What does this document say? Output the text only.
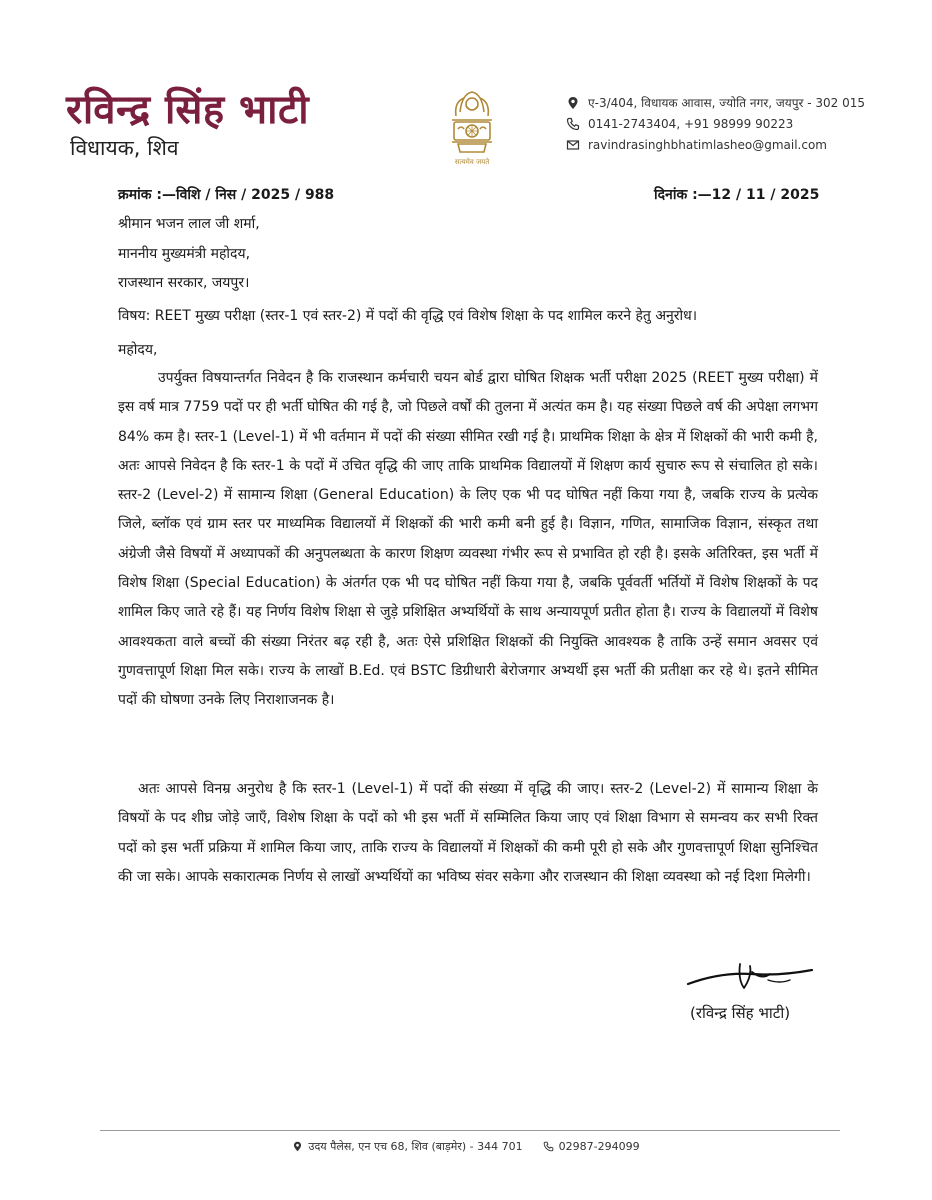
रविन्द्र सिंह भाटी
विधायक, शिव
सत्यमेव जयते
ए-3/404, विधायक आवास, ज्योति नगर, जयपुर - 302 015
0141-2743404, +91 98999 90223
ravindrasinghbhatimlasheo@gmail.com
क्रमांक :—विशि / निस / 2025 / 988	दिनांक :—12 / 11 / 2025
श्रीमान भजन लाल जी शर्मा,
माननीय मुख्यमंत्री महोदय,
राजस्थान सरकार, जयपुर।
विषय: REET मुख्य परीक्षा (स्तर-1 एवं स्तर-2) में पदों की वृद्धि एवं विशेष शिक्षा के पद शामिल करने हेतु अनुरोध।
महोदय,

उपर्युक्त विषयान्तर्गत निवेदन है कि राजस्थान कर्मचारी चयन बोर्ड द्वारा घोषित शिक्षक भर्ती परीक्षा 2025 (REET मुख्य परीक्षा) में इस वर्ष मात्र 7759 पदों पर ही भर्ती घोषित की गई है, जो पिछले वर्षों की तुलना में अत्यंत कम है। यह संख्या पिछले वर्ष की अपेक्षा लगभग 84% कम है। स्तर-1 (Level-1) में भी वर्तमान में पदों की संख्या सीमित रखी गई है। प्राथमिक शिक्षा के क्षेत्र में शिक्षकों की भारी कमी है, अतः आपसे निवेदन है कि स्तर-1 के पदों में उचित वृद्धि की जाए ताकि प्राथमिक विद्यालयों में शिक्षण कार्य सुचारु रूप से संचालित हो सके। स्तर-2 (Level-2) में सामान्य शिक्षा (General Education) के लिए एक भी पद घोषित नहीं किया गया है, जबकि राज्य के प्रत्येक जिले, ब्लॉक एवं ग्राम स्तर पर माध्यमिक विद्यालयों में शिक्षकों की भारी कमी बनी हुई है। विज्ञान, गणित, सामाजिक विज्ञान, संस्कृत तथा अंग्रेजी जैसे विषयों में अध्यापकों की अनुपलब्धता के कारण शिक्षण व्यवस्था गंभीर रूप से प्रभावित हो रही है। इसके अतिरिक्त, इस भर्ती में विशेष शिक्षा (Special Education) के अंतर्गत एक भी पद घोषित नहीं किया गया है, जबकि पूर्ववर्ती भर्तियों में विशेष शिक्षकों के पद शामिल किए जाते रहे हैं। यह निर्णय विशेष शिक्षा से जुड़े प्रशिक्षित अभ्यर्थियों के साथ अन्यायपूर्ण प्रतीत होता है। राज्य के विद्यालयों में विशेष आवश्यकता वाले बच्चों की संख्या निरंतर बढ़ रही है, अतः ऐसे प्रशिक्षित शिक्षकों की नियुक्ति आवश्यक है ताकि उन्हें समान अवसर एवं गुणवत्तापूर्ण शिक्षा मिल सके। राज्य के लाखों B.Ed. एवं BSTC डिग्रीधारी बेरोजगार अभ्यर्थी इस भर्ती की प्रतीक्षा कर रहे थे। इतने सीमित पदों की घोषणा उनके लिए निराशाजनक है।

अतः आपसे विनम्र अनुरोध है कि स्तर-1 (Level-1) में पदों की संख्या में वृद्धि की जाए। स्तर-2 (Level-2) में सामान्य शिक्षा के विषयों के पद शीघ्र जोड़े जाएँ, विशेष शिक्षा के पदों को भी इस भर्ती में सम्मिलित किया जाए एवं शिक्षा विभाग से समन्वय कर सभी रिक्त पदों को इस भर्ती प्रक्रिया में शामिल किया जाए, ताकि राज्य के विद्यालयों में शिक्षकों की कमी पूरी हो सके और गुणवत्तापूर्ण शिक्षा सुनिश्चित की जा सके। आपके सकारात्मक निर्णय से लाखों अभ्यर्थियों का भविष्य संवर सकेगा और राजस्थान की शिक्षा व्यवस्था को नई दिशा मिलेगी।

(रविन्द्र सिंह भाटी)
उदय पैलेस, एन एच 68, शिव (बाड़मेर) - 344 701	02987-294099
